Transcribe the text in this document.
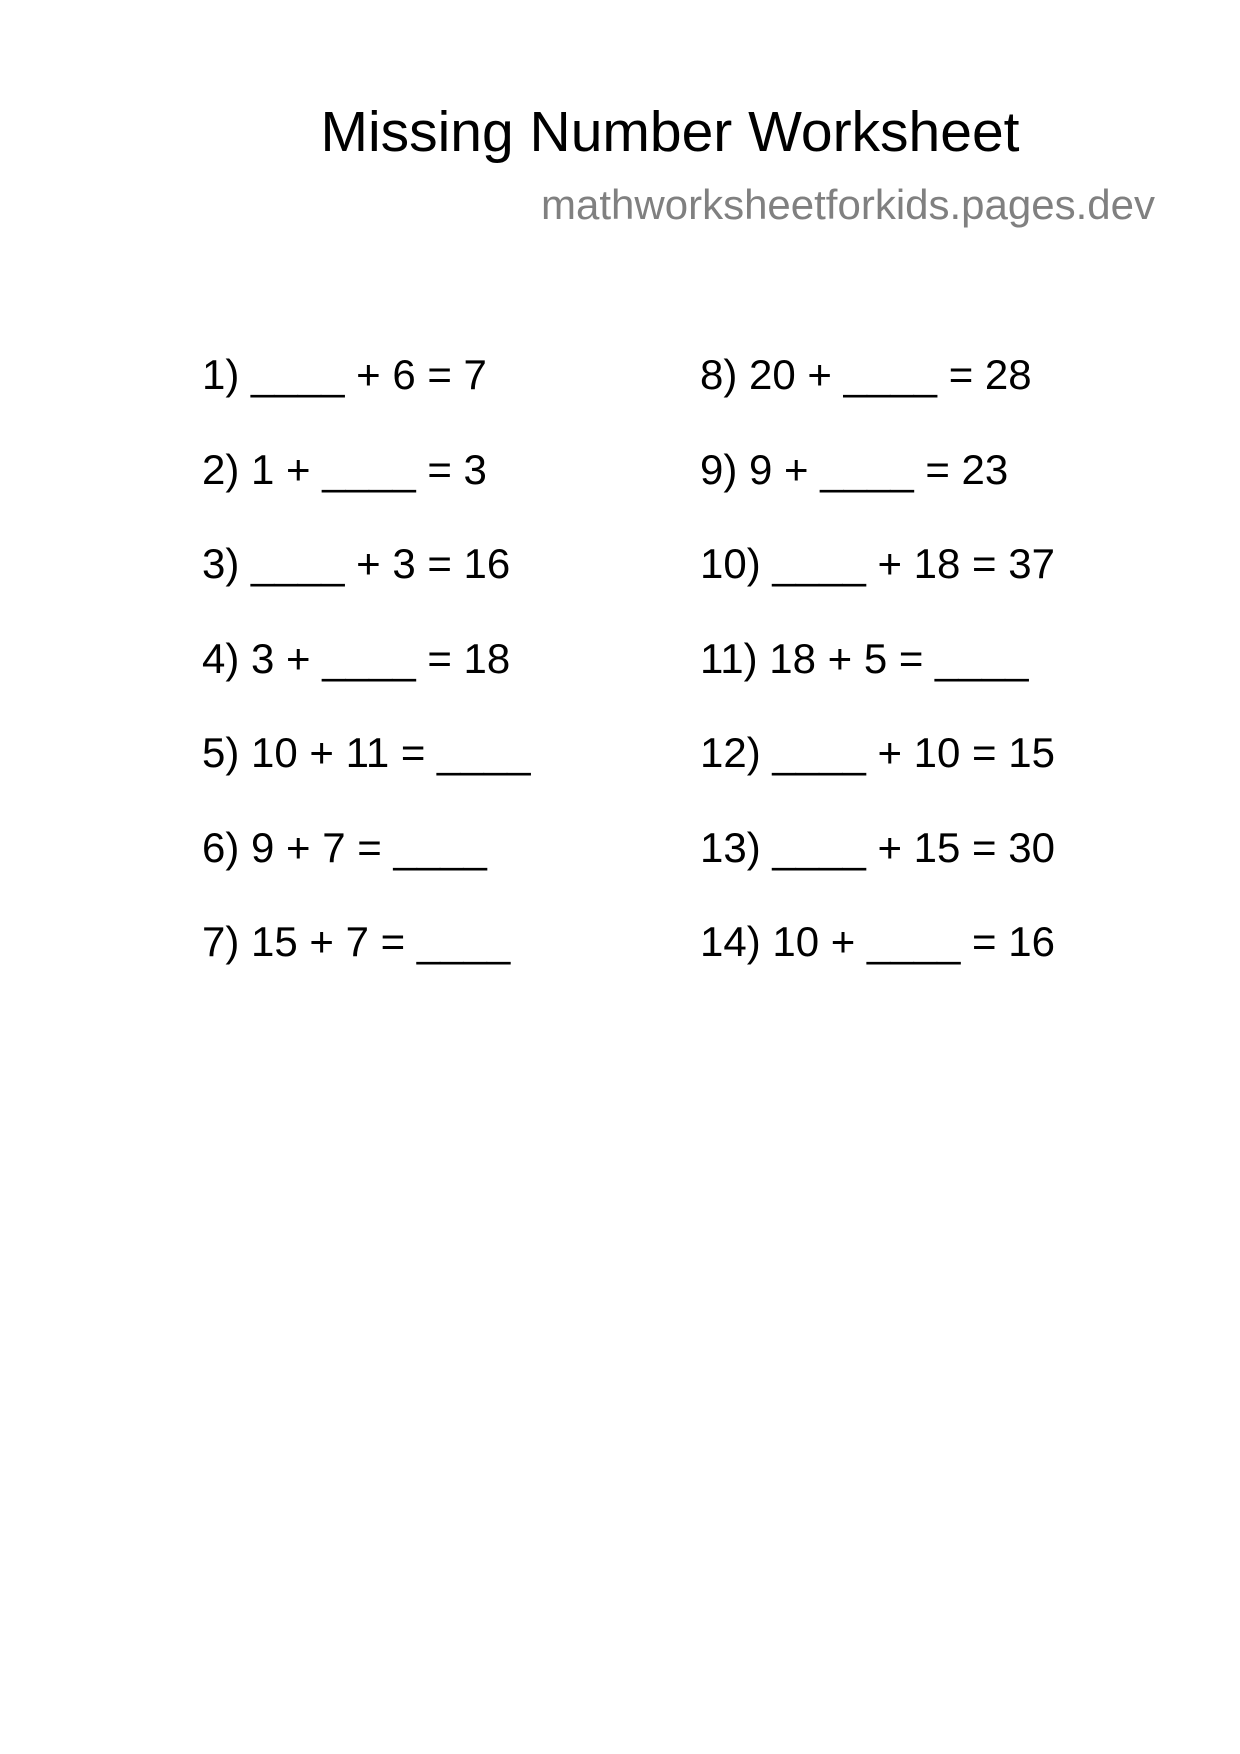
Missing Number Worksheet
mathworksheetforkids.pages.dev
1) ____ + 6 = 7
2) 1 + ____ = 3
3) ____ + 3 = 16
4) 3 + ____ = 18
5) 10 + 11 = ____
6) 9 + 7 = ____
7) 15 + 7 = ____
8) 20 + ____ = 28
9) 9 + ____ = 23
10) ____ + 18 = 37
11) 18 + 5 = ____
12) ____ + 10 = 15
13) ____ + 15 = 30
14) 10 + ____ = 16
